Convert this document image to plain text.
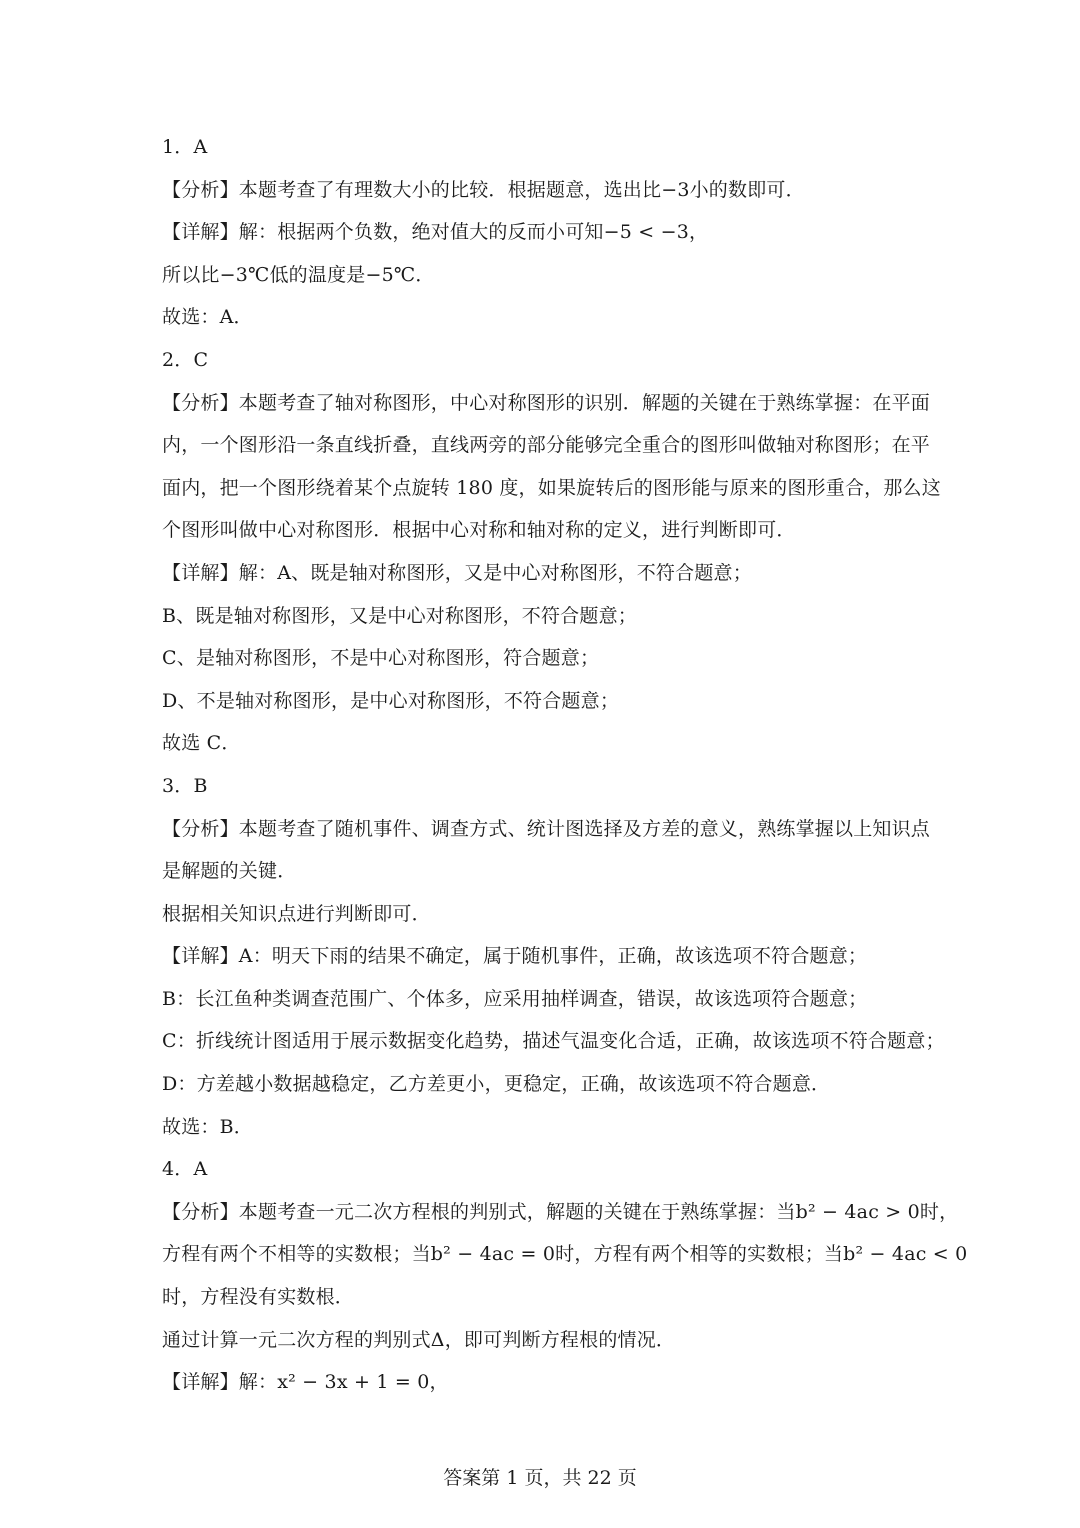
1．A
【分析】本题考查了有理数大小的比较．根据题意，选出比−3小的数即可．
【详解】解：根据两个负数，绝对值大的反而小可知−5 < −3，
所以比−3℃低的温度是−5℃．
故选：A．
2．C
【分析】本题考查了轴对称图形，中心对称图形的识别．解题的关键在于熟练掌握：在平面
内，一个图形沿一条直线折叠，直线两旁的部分能够完全重合的图形叫做轴对称图形；在平
面内，把一个图形绕着某个点旋转 180 度，如果旋转后的图形能与原来的图形重合，那么这
个图形叫做中心对称图形．根据中心对称和轴对称的定义，进行判断即可．
【详解】解：A、既是轴对称图形，又是中心对称图形，不符合题意；
B、既是轴对称图形，又是中心对称图形，不符合题意；
C、是轴对称图形，不是中心对称图形，符合题意；
D、不是轴对称图形，是中心对称图形，不符合题意；
故选 C．
3．B
【分析】本题考查了随机事件、调查方式、统计图选择及方差的意义，熟练掌握以上知识点
是解题的关键．
根据相关知识点进行判断即可．
【详解】A：明天下雨的结果不确定，属于随机事件，正确，故该选项不符合题意；
B：长江鱼种类调查范围广、个体多，应采用抽样调查，错误，故该选项符合题意；
C：折线统计图适用于展示数据变化趋势，描述气温变化合适，正确，故该选项不符合题意；
D：方差越小数据越稳定，乙方差更小，更稳定，正确，故该选项不符合题意．
故选：B．
4．A
【分析】本题考查一元二次方程根的判别式，解题的关键在于熟练掌握：当b² − 4ac > 0时，
方程有两个不相等的实数根；当b² − 4ac = 0时，方程有两个相等的实数根；当b² − 4ac < 0
时，方程没有实数根．
通过计算一元二次方程的判别式Δ，即可判断方程根的情况．
【详解】解：x² − 3x + 1 = 0，
答案第 1 页，共 22 页
